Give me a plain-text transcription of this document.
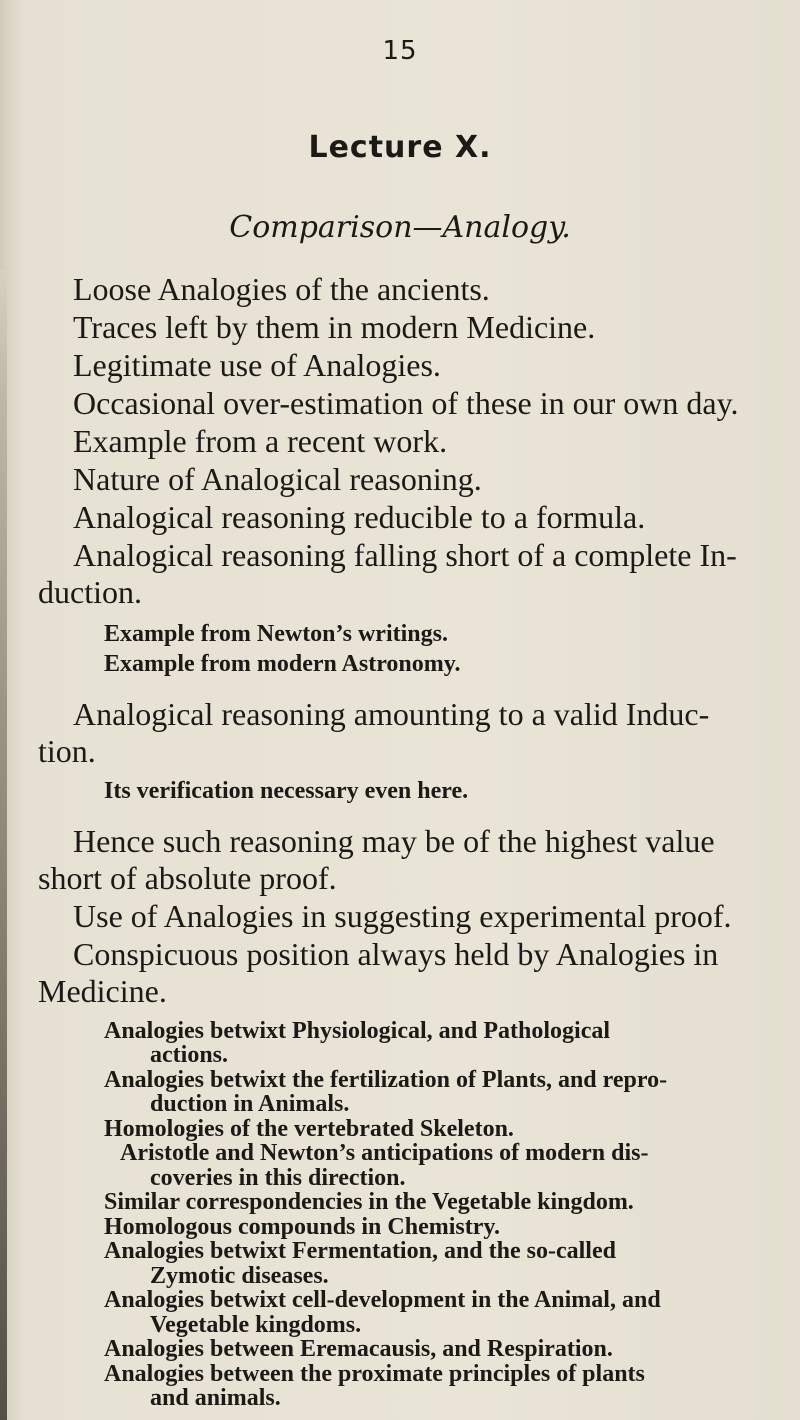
15
Lecture X.
Comparison—Analogy.
Loose Analogies of the ancients.
Traces left by them in modern Medicine.
Legitimate use of Analogies.
Occasional over-estimation of these in our own day.
Example from a recent work.
Nature of Analogical reasoning.
Analogical reasoning reducible to a formula.
Analogical reasoning falling short of a complete In-
duction.
Example from Newton’s writings.
Example from modern Astronomy.
Analogical reasoning amounting to a valid Induc-
tion.
Its verification necessary even here.
Hence such reasoning may be of the highest value
short of absolute proof.
Use of Analogies in suggesting experimental proof.
Conspicuous position always held by Analogies in
Medicine.
Analogies betwixt Physiological, and Pathological
actions.
Analogies betwixt the fertilization of Plants, and repro-
duction in Animals.
Homologies of the vertebrated Skeleton.
Aristotle and Newton’s anticipations of modern dis-
coveries in this direction.
Similar correspondencies in the Vegetable kingdom.
Homologous compounds in Chemistry.
Analogies betwixt Fermentation, and the so-called
Zymotic diseases.
Analogies betwixt cell-development in the Animal, and
Vegetable kingdoms.
Analogies between Eremacausis, and Respiration.
Analogies between the proximate principles of plants
and animals.
